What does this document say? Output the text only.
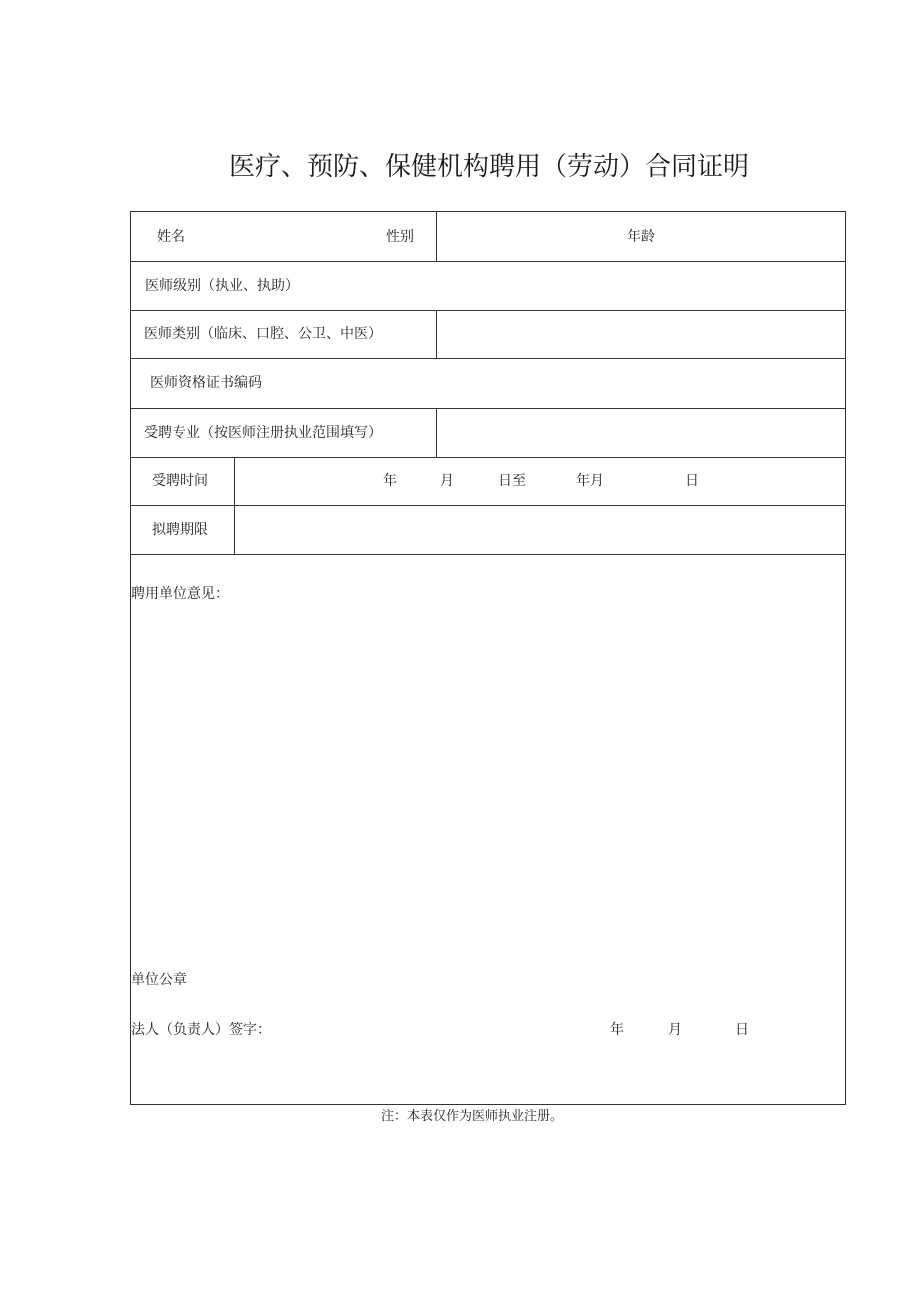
医疗、预防、保健机构聘用（劳动）合同证明
姓名	性别	年龄
医师级别（执业、执助）
医师类别（临床、口腔、公卫、中医）
医师资格证书编码
受聘专业（按医师注册执业范围填写）
受聘时间	年	月	日至	年月	日
拟聘期限
聘用单位意见：
单位公章
法人（负责人）签字：	年	月	日
注：本表仅作为医师执业注册。
